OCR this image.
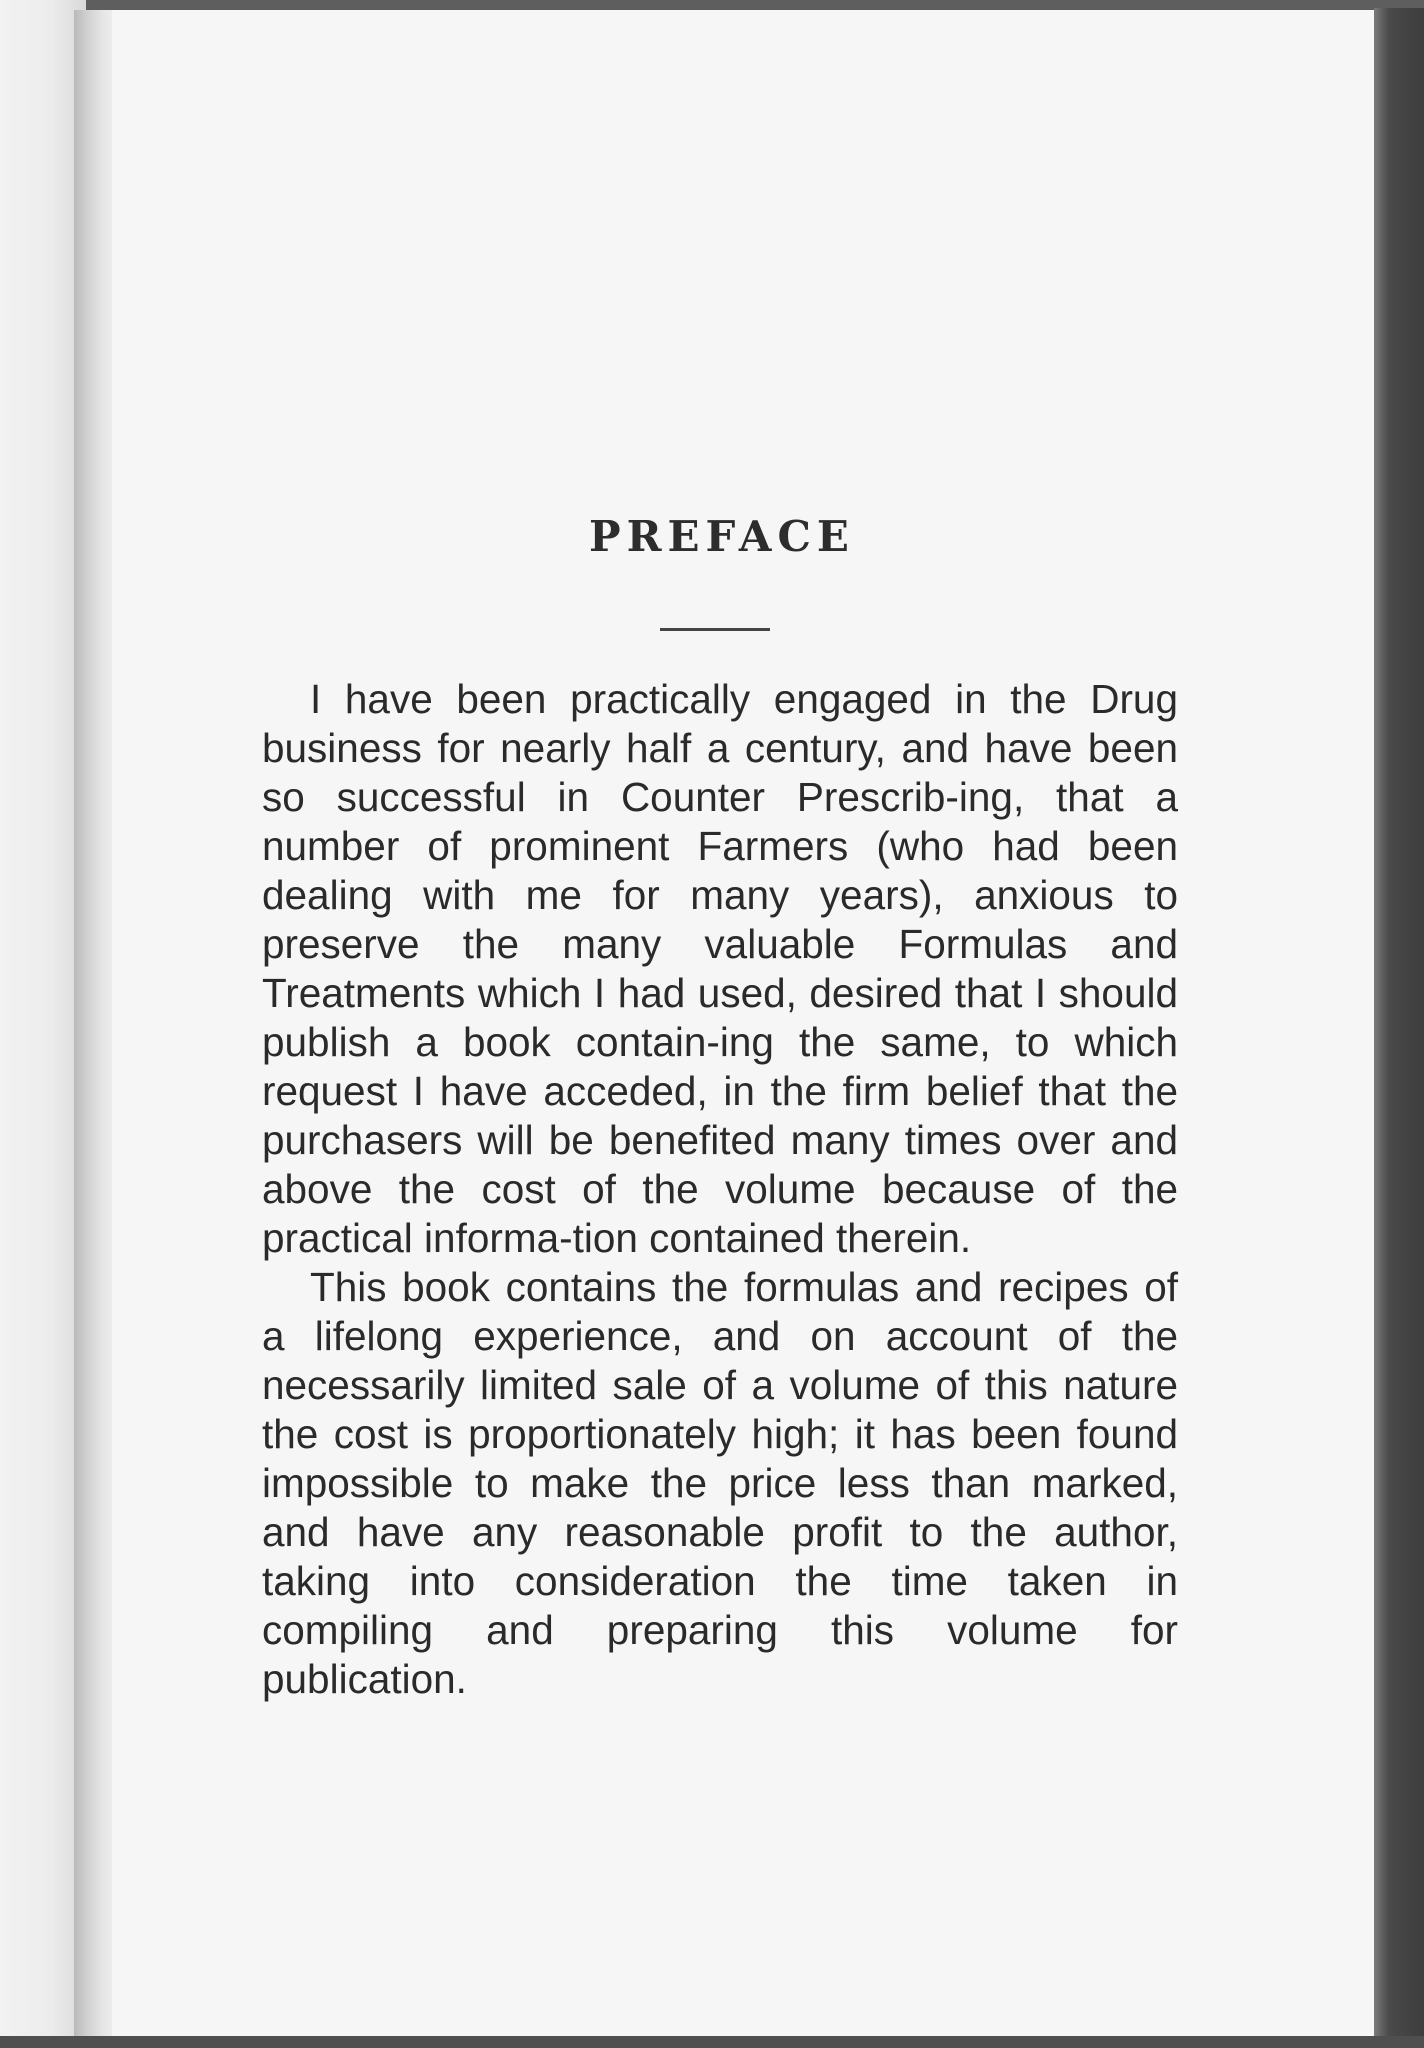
PREFACE

I have been practically engaged in the Drug business for nearly half a century, and have been so successful in Counter Prescrib-ing, that a number of prominent Farmers (who had been dealing with me for many years), anxious to preserve the many valuable Formulas and Treatments which I had used, desired that I should publish a book contain-ing the same, to which request I have acceded, in the firm belief that the purchasers will be benefited many times over and above the cost of the volume because of the practical informa-tion contained therein.

This book contains the formulas and recipes of a lifelong experience, and on account of the necessarily limited sale of a volume of this nature the cost is proportionately high; it has been found impossible to make the price less than marked, and have any reasonable profit to the author, taking into consideration the time taken in compiling and preparing this volume for publication.
